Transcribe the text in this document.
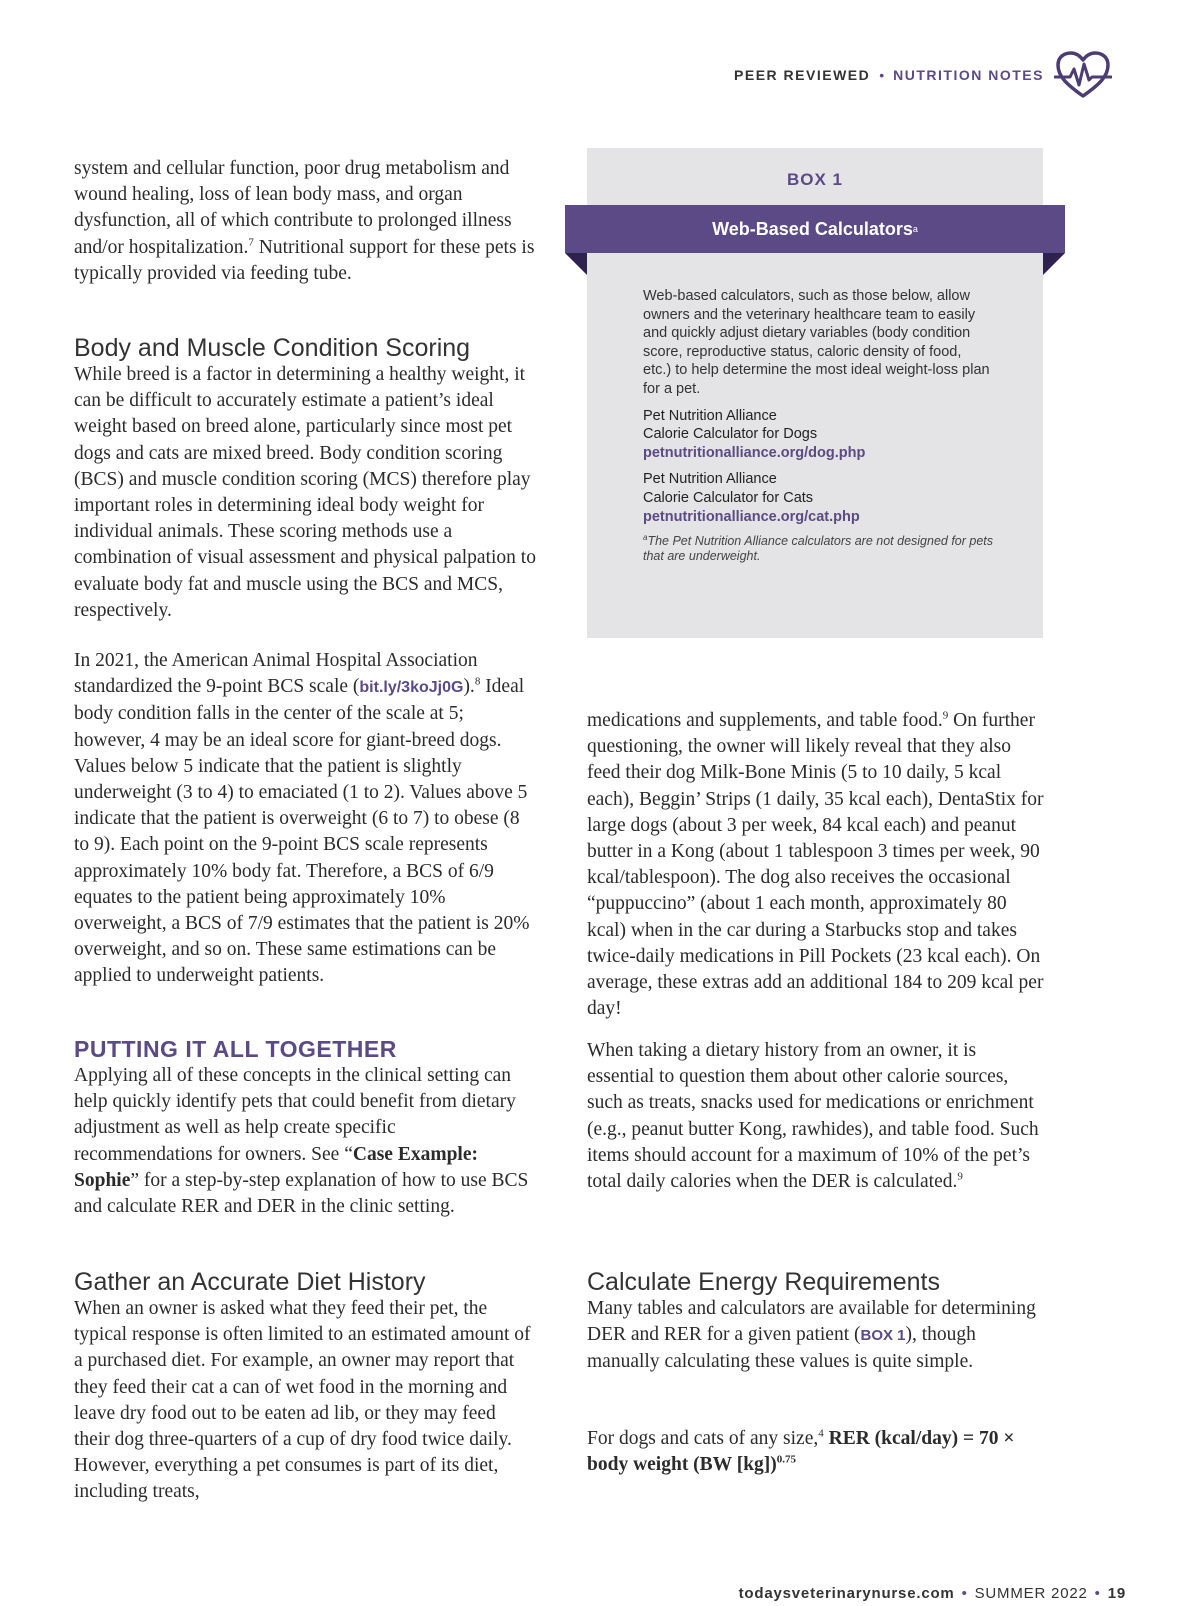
PEER REVIEWED • NUTRITION NOTES

system and cellular function, poor drug metabolism and wound healing, loss of lean body mass, and organ dysfunction, all of which contribute to prolonged illness and/or hospitalization.$^7$ Nutritional support for these pets is typically provided via feeding tube.

Body and Muscle Condition Scoring

While breed is a factor in determining a healthy weight, it can be difficult to accurately estimate a patient’s ideal weight based on breed alone, particularly since most pet dogs and cats are mixed breed. Body condition scoring (BCS) and muscle condition scoring (MCS) therefore play important roles in determining ideal body weight for individual animals. These scoring methods use a combination of visual assessment and physical palpation to evaluate body fat and muscle using the BCS and MCS, respectively.

In 2021, the American Animal Hospital Association standardized the 9-point BCS scale (bit.ly/3koJj0G).$^8$ Ideal body condition falls in the center of the scale at 5; however, 4 may be an ideal score for giant-breed dogs. Values below 5 indicate that the patient is slightly underweight (3 to 4) to emaciated (1 to 2). Values above 5 indicate that the patient is overweight (6 to 7) to obese (8 to 9). Each point on the 9-point BCS scale represents approximately 10% body fat. Therefore, a BCS of 6/9 equates to the patient being approximately 10% overweight, a BCS of 7/9 estimates that the patient is 20% overweight, and so on. These same estimations can be applied to underweight patients.

PUTTING IT ALL TOGETHER

Applying all of these concepts in the clinical setting can help quickly identify pets that could benefit from dietary adjustment as well as help create specific recommendations for owners. See “Case Example: Sophie” for a step-by-step explanation of how to use BCS and calculate RER and DER in the clinic setting.

Gather an Accurate Diet History

When an owner is asked what they feed their pet, the typical response is often limited to an estimated amount of a purchased diet. For example, an owner may report that they feed their cat a can of wet food in the morning and leave dry food out to be eaten ad lib, or they may feed their dog three-quarters of a cup of dry food twice daily. However, everything a pet consumes is part of its diet, including treats,

BOX 1
Web-Based Calculators a
Web-based calculators, such as those below, allow owners and the veterinary healthcare team to easily and quickly adjust dietary variables (body condition score, reproductive status, caloric density of food, etc.) to help determine the most ideal weight-loss plan for a pet.
Pet Nutrition Alliance
Calorie Calculator for Dogs
petnutritionalliance.org/dog.php
Pet Nutrition Alliance
Calorie Calculator for Cats
petnutritionalliance.org/cat.php
$^a$The Pet Nutrition Alliance calculators are not designed for pets that are underweight.

medications and supplements, and table food.$^9$ On further questioning, the owner will likely reveal that they also feed their dog Milk-Bone Minis (5 to 10 daily, 5 kcal each), Beggin’ Strips (1 daily, 35 kcal each), DentaStix for large dogs (about 3 per week, 84 kcal each) and peanut butter in a Kong (about 1 tablespoon 3 times per week, 90 kcal/tablespoon). The dog also receives the occasional “puppuccino” (about 1 each month, approximately 80 kcal) when in the car during a Starbucks stop and takes twice-daily medications in Pill Pockets (23 kcal each). On average, these extras add an additional 184 to 209 kcal per day!

When taking a dietary history from an owner, it is essential to question them about other calorie sources, such as treats, snacks used for medications or enrichment (e.g., peanut butter Kong, rawhides), and table food. Such items should account for a maximum of 10% of the pet’s total daily calories when the DER is calculated.$^9$

Calculate Energy Requirements

Many tables and calculators are available for determining DER and RER for a given patient (BOX 1), though manually calculating these values is quite simple.

For dogs and cats of any size,$^4$ RER (kcal/day) = 70 × body weight (BW [kg])$^{0.75}$

todaysveterinarynurse.com • SUMMER 2022 • 19
